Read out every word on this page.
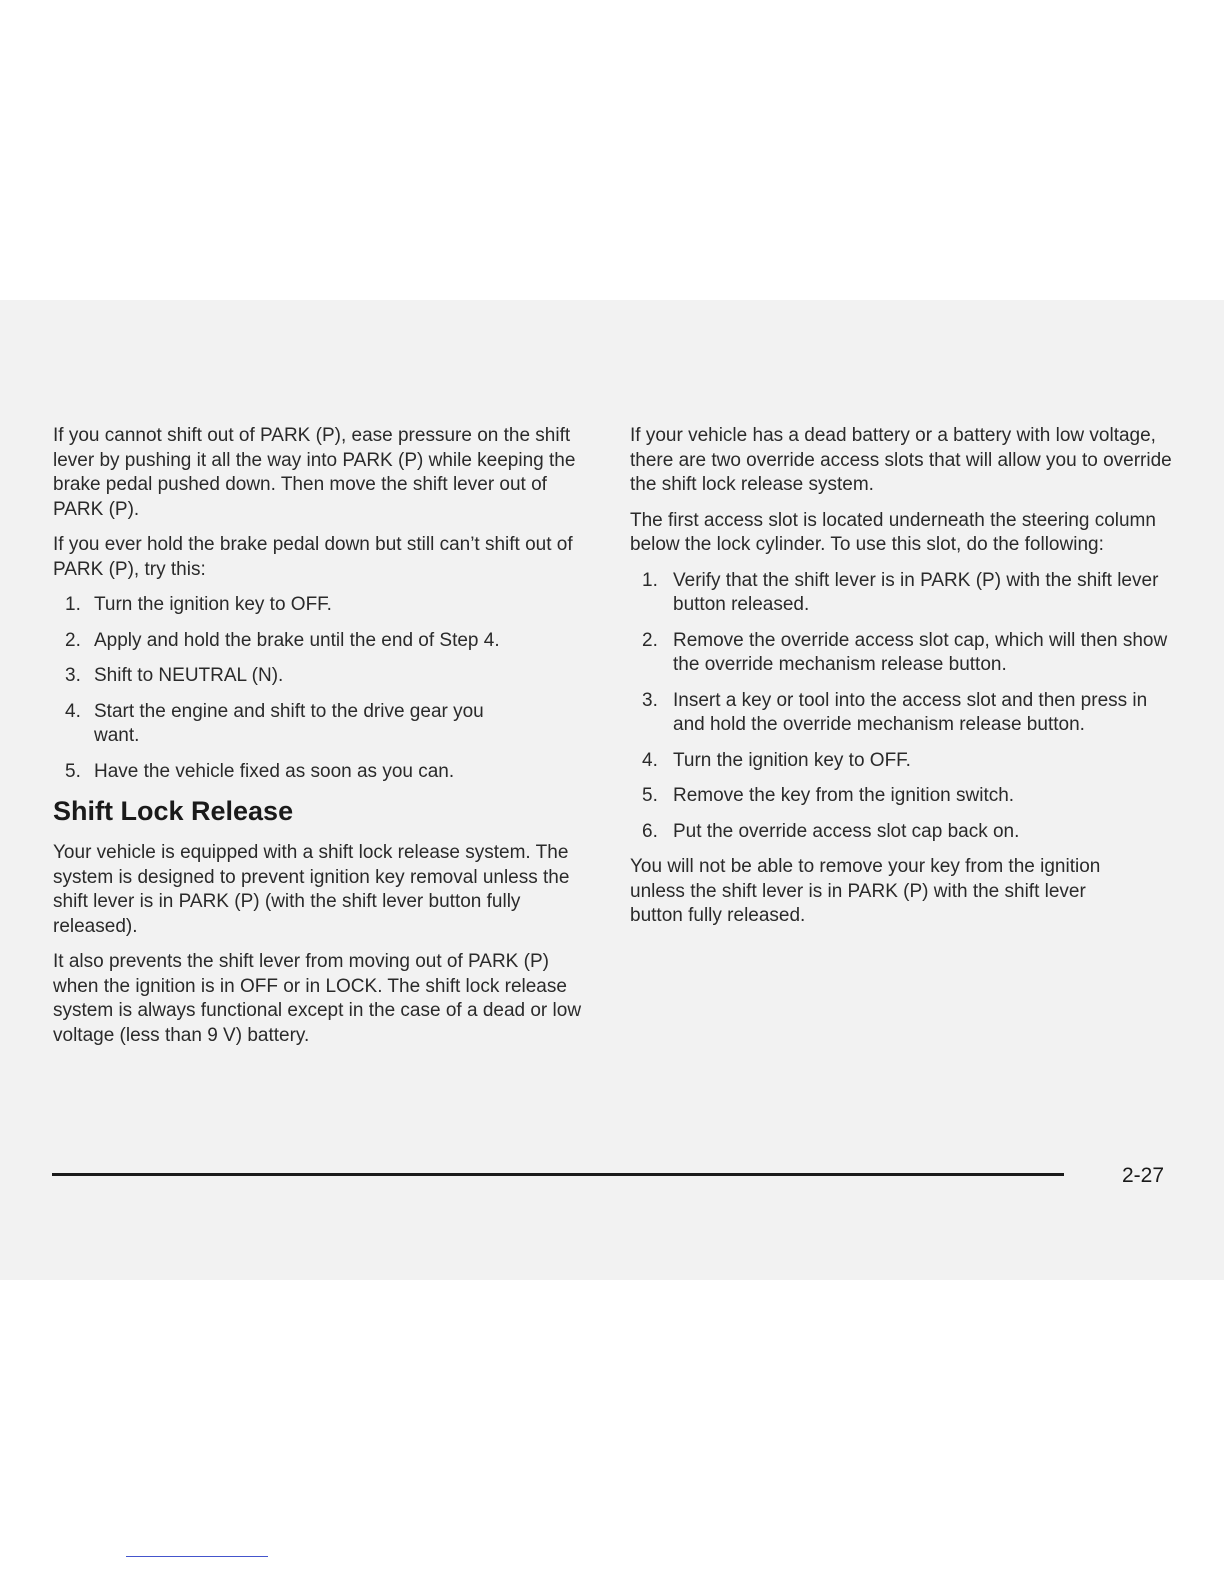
If you cannot shift out of PARK (P), ease pressure on the shift lever by pushing it all the way into PARK (P) while keeping the brake pedal pushed down. Then move the shift lever out of PARK (P).

If you ever hold the brake pedal down but still can’t shift out of PARK (P), try this:

1. Turn the ignition key to OFF.
2. Apply and hold the brake until the end of Step 4.
3. Shift to NEUTRAL (N).
4. Start the engine and shift to the drive gear you want.
5. Have the vehicle fixed as soon as you can.
Shift Lock Release

Your vehicle is equipped with a shift lock release system. The system is designed to prevent ignition key removal unless the shift lever is in PARK (P) (with the shift lever button fully released).

It also prevents the shift lever from moving out of PARK (P) when the ignition is in OFF or in LOCK. The shift lock release system is always functional except in the case of a dead or low voltage (less than 9 V) battery.

If your vehicle has a dead battery or a battery with low voltage, there are two override access slots that will allow you to override the shift lock release system.

The first access slot is located underneath the steering column below the lock cylinder. To use this slot, do the following:

1. Verify that the shift lever is in PARK (P) with the shift lever button released.
2. Remove the override access slot cap, which will then show the override mechanism release button.
3. Insert a key or tool into the access slot and then press in and hold the override mechanism release button.
4. Turn the ignition key to OFF.
5. Remove the key from the ignition switch.
6. Put the override access slot cap back on.

You will not be able to remove your key from the ignition unless the shift lever is in PARK (P) with the shift lever button fully released.

2-27
